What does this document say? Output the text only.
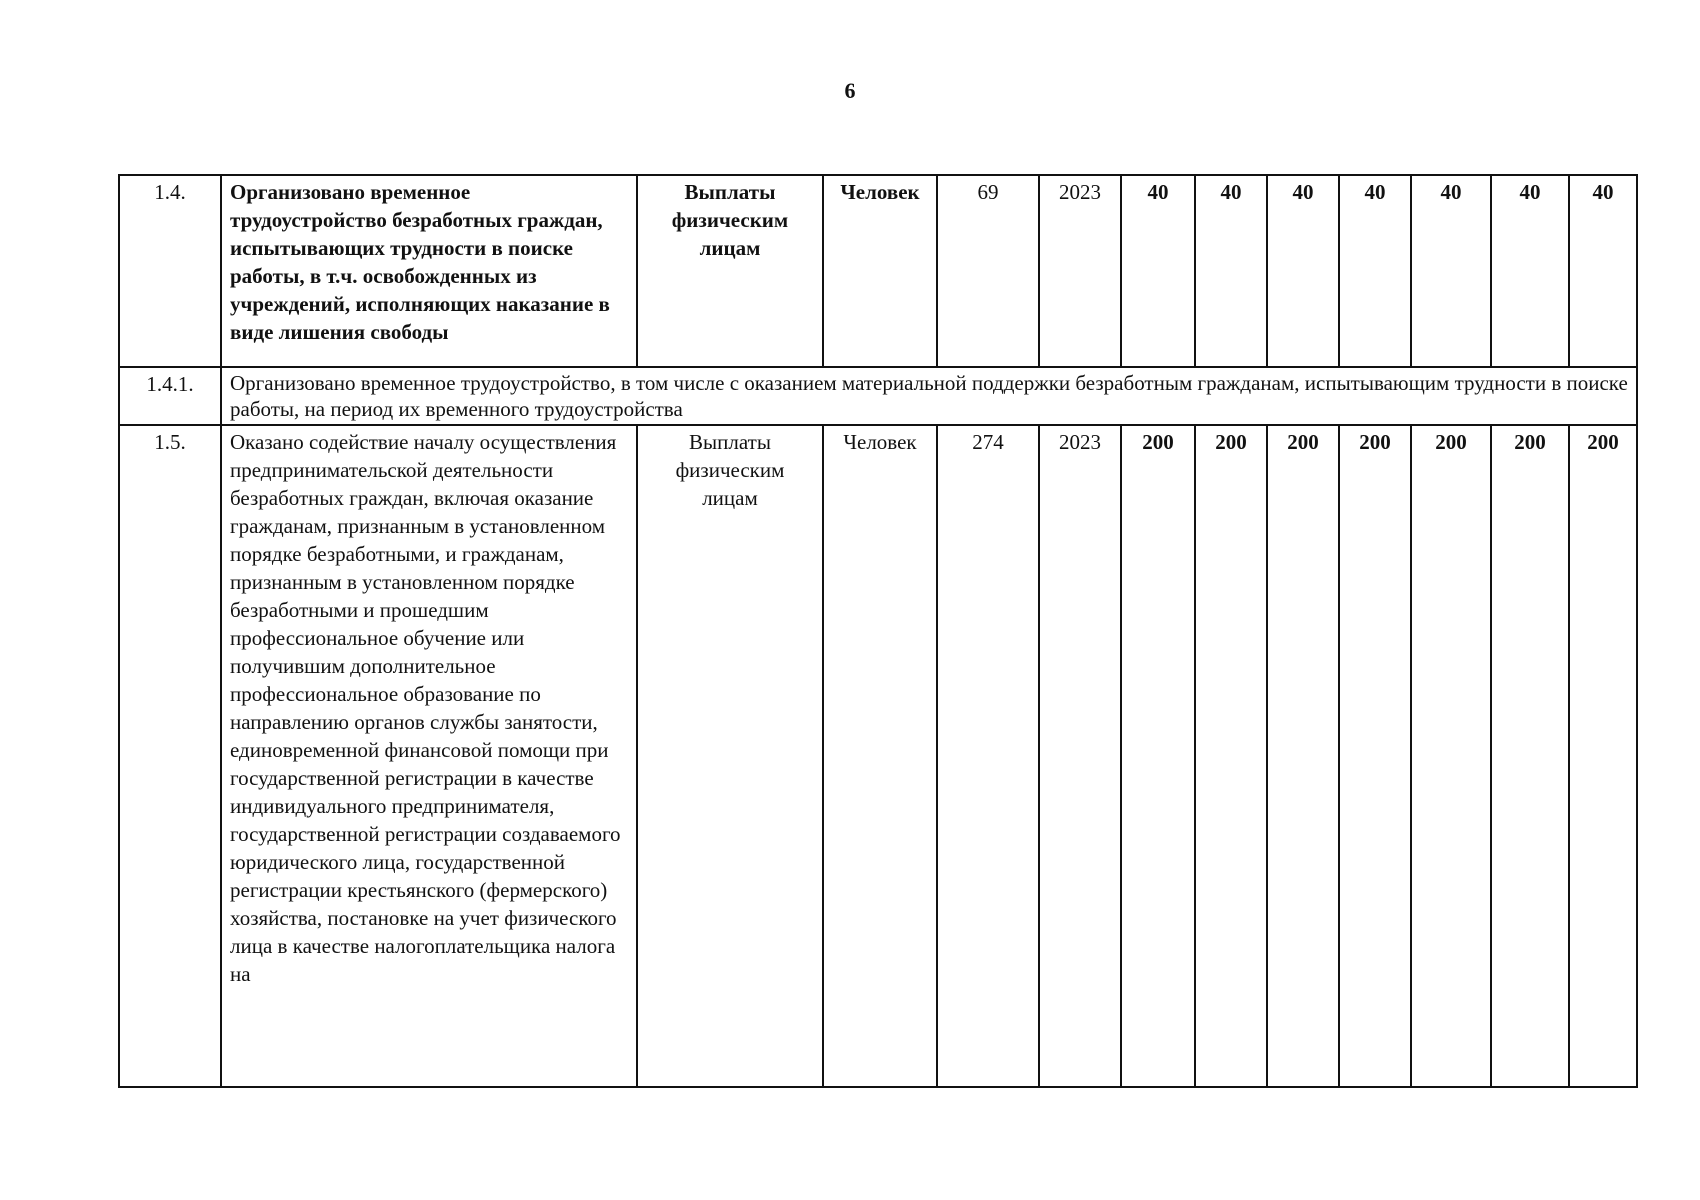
6
1.4.	Организовано временное трудоустройство безработных граждан, испытывающих трудности в поиске работы, в т.ч. освобожденных из учреждений, исполняющих наказание в виде лишения свободы	Выплаты физическим лицам	Человек	69	2023	40	40	40	40	40	40	40
1.4.1.	Организовано временное трудоустройство, в том числе с оказанием материальной поддержки безработным гражданам, испытывающим трудности в поиске работы, на период их временного трудоустройства											
1.5.	Оказано содействие началу осуществления предпринимательской деятельности безработных граждан, включая оказание гражданам, признанным в установленном порядке безработными, и гражданам, признанным в установленном порядке безработными и прошедшим профессиональное обучение или получившим дополнительное профессиональное образование по направлению органов службы занятости, единовременной финансовой помощи при государственной регистрации в качестве индивидуального предпринимателя, государственной регистрации создаваемого юридического лица, государственной регистрации крестьянского (фермерского) хозяйства, постановке на учет физического лица в качестве налогоплательщика налога на	Выплаты физическим лицам	Человек	274	2023	200	200	200	200	200	200	200
